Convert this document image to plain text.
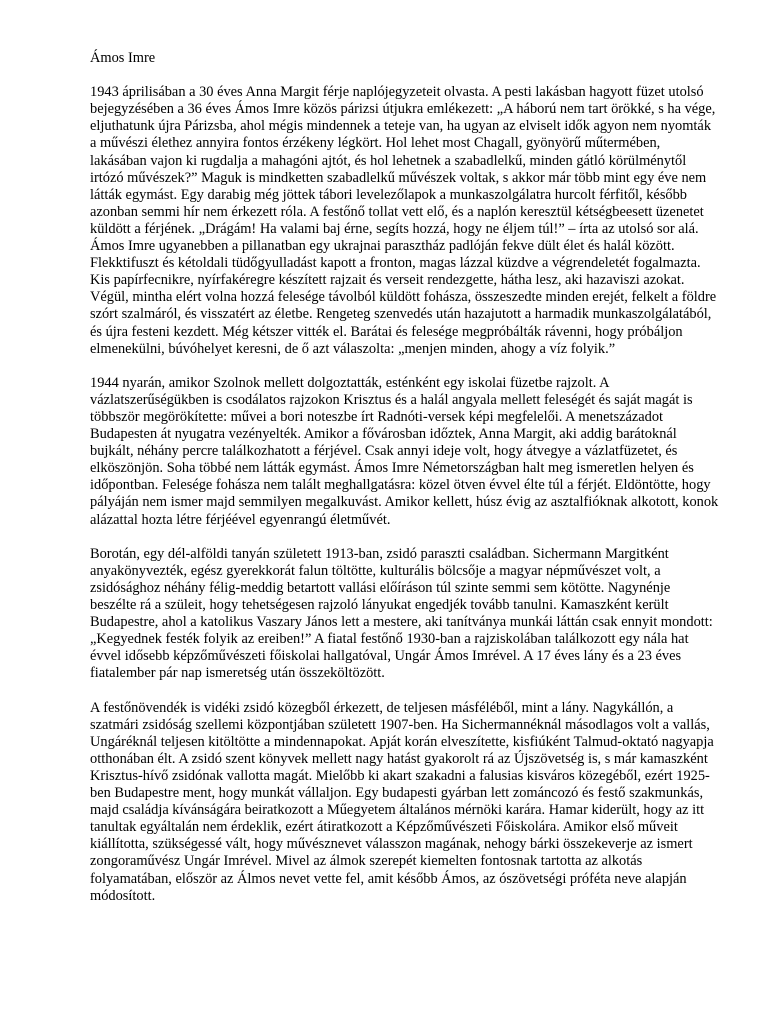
Ámos Imre

1943 áprilisában a 30 éves Anna Margit férje naplójegyzeteit olvasta. A pesti lakásban hagyott füzet utolsó bejegyzésében a 36 éves Ámos Imre közös párizsi útjukra emlékezett: „A háború nem tart örökké, s ha vége, eljuthatunk újra Párizsba, ahol mégis mindennek a teteje van, ha ugyan az elviselt idők agyon nem nyomták a művészi élethez annyira fontos érzékeny légkört. Hol lehet most Chagall, gyönyörű műtermében, lakásában vajon ki rugdalja a mahagóni ajtót, és hol lehetnek a szabadlelkű, minden gátló körülménytől irtózó művészek?” Maguk is mindketten szabadlelkű művészek voltak, s akkor már több mint egy éve nem látták egymást. Egy darabig még jöttek tábori levelezőlapok a munkaszolgálatra hurcolt férfitől, később azonban semmi hír nem érkezett róla. A festőnő tollat vett elő, és a naplón keresztül kétségbeesett üzenetet küldött a férjének. „Drágám! Ha valami baj érne, segíts hozzá, hogy ne éljem túl!” – írta az utolsó sor alá. Ámos Imre ugyanebben a pillanatban egy ukrajnai parasztház padlóján fekve dült élet és halál között. Flekktifuszt és kétoldali tüdőgyulladást kapott a fronton, magas lázzal küzdve a végrendeletét fogalmazta. Kis papírfecnikre, nyírfakéregre készített rajzait és verseit rendezgette, hátha lesz, aki hazaviszi azokat. Végül, mintha elért volna hozzá felesége távolból küldött fohásza, összeszedte minden erejét, felkelt a földre szórt szalmáról, és visszatért az életbe. Rengeteg szenvedés után hazajutott a harmadik munkaszolgálatából, és újra festeni kezdett. Még kétszer vitték el. Barátai és felesége megpróbálták rávenni, hogy próbáljon elmenekülni, búvóhelyet keresni, de ő azt válaszolta: „menjen minden, ahogy a víz folyik.”

1944 nyarán, amikor Szolnok mellett dolgoztatták, esténként egy iskolai füzetbe rajzolt. A vázlatszerűségükben is csodálatos rajzokon Krisztus és a halál angyala mellett feleségét és saját magát is többször megörökítette: művei a bori noteszbe írt Radnóti-versek képi megfelelői. A menetszázadot Budapesten át nyugatra vezényelték. Amikor a fővárosban időztek, Anna Margit, aki addig barátoknál bujkált, néhány percre találkozhatott a férjével. Csak annyi ideje volt, hogy átvegye a vázlatfüzetet, és elköszönjön. Soha többé nem látták egymást. Ámos Imre Németországban halt meg ismeretlen helyen és időpontban. Felesége fohásza nem talált meghallgatásra: közel ötven évvel élte túl a férjét. Eldöntötte, hogy pályáján nem ismer majd semmilyen megalkuvást. Amikor kellett, húsz évig az asztalfióknak alkotott, konok alázattal hozta létre férjéével egyenrangú életművét.

Borotán, egy dél-alföldi tanyán született 1913-ban, zsidó paraszti családban. Sichermann Margitként anyakönyvezték, egész gyerekkorát falun töltötte, kulturális bölcsője a magyar népművészet volt, a zsidósághoz néhány félig-meddig betartott vallási előíráson túl szinte semmi sem kötötte. Nagynénje beszélte rá a szüleit, hogy tehetségesen rajzoló lányukat engedjék tovább tanulni. Kamaszként került Budapestre, ahol a katolikus Vaszary János lett a mestere, aki tanítványa munkái láttán csak ennyit mondott: „Kegyednek festék folyik az ereiben!” A fiatal festőnő 1930-ban a rajziskolában találkozott egy nála hat évvel idősebb képzőművészeti főiskolai hallgatóval, Ungár Ámos Imrével. A 17 éves lány és a 23 éves fiatalember pár nap ismeretség után összeköltözött.

A festőnövendék is vidéki zsidó közegből érkezett, de teljesen másféléből, mint a lány. Nagykállón, a szatmári zsidóság szellemi központjában született 1907-ben. Ha Sichermannéknál másodlagos volt a vallás, Ungáréknál teljesen kitöltötte a mindennapokat. Apját korán elveszítette, kisfiúként Talmud-oktató nagyapja otthonában élt. A zsidó szent könyvek mellett nagy hatást gyakorolt rá az Újszövetség is, s már kamaszként Krisztus-hívő zsidónak vallotta magát. Mielőbb ki akart szakadni a falusias kisváros közegéből, ezért 1925-ben Budapestre ment, hogy munkát vállaljon. Egy budapesti gyárban lett zománcozó és festő szakmunkás, majd családja kívánságára beiratkozott a Műegyetem általános mérnöki karára. Hamar kiderült, hogy az itt tanultak egyáltalán nem érdeklik, ezért átiratkozott a Képzőművészeti Főiskolára. Amikor első műveit kiállította, szükségessé vált, hogy művésznevet válasszon magának, nehogy bárki összekeverje az ismert zongoraművész Ungár Imrével. Mivel az álmok szerepét kiemelten fontosnak tartotta az alkotás folyamatában, először az Álmos nevet vette fel, amit később Ámos, az ószövetségi próféta neve alapján módosított.
